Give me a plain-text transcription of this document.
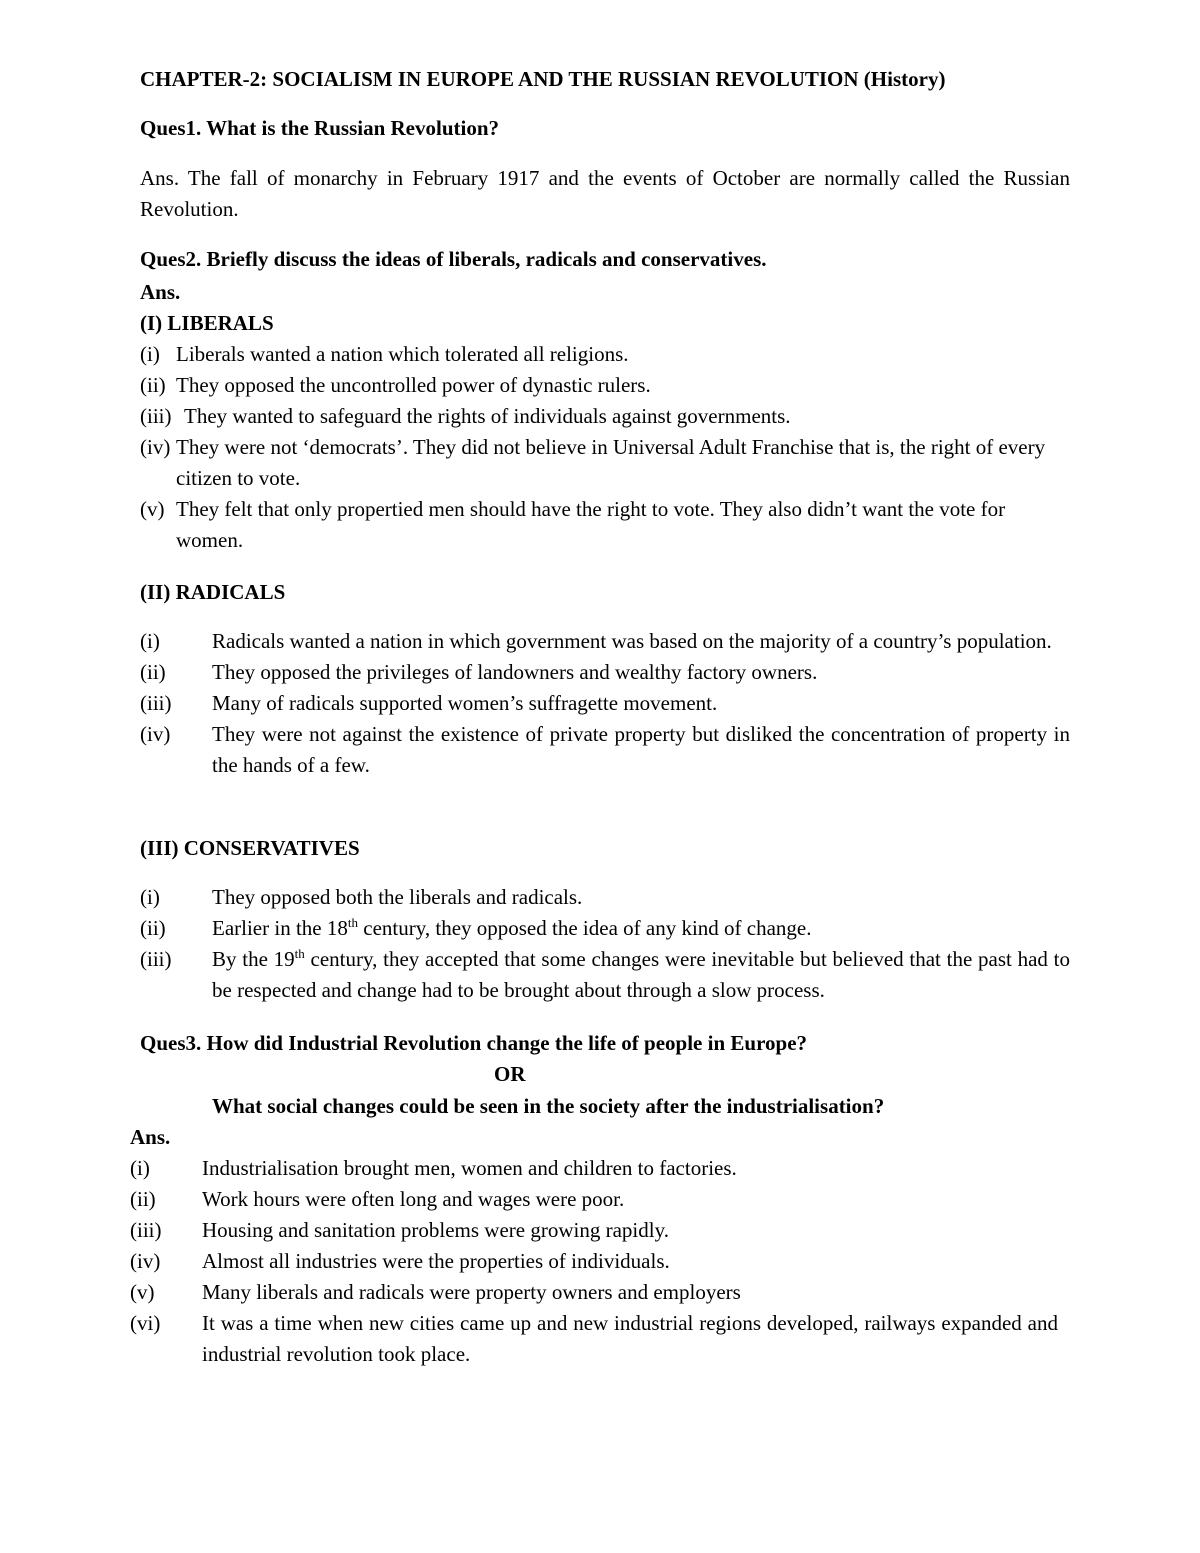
CHAPTER-2: SOCIALISM IN EUROPE AND THE RUSSIAN REVOLUTION (History)
Ques1. What is the Russian Revolution?
Ans. The fall of monarchy in February 1917 and the events of October are normally called the Russian Revolution.
Ques2. Briefly discuss the ideas of liberals, radicals and conservatives.
Ans.
(I) LIBERALS
(i) Liberals wanted a nation which tolerated all religions.
(ii) They opposed the uncontrolled power of dynastic rulers.
(iii) They wanted to safeguard the rights of individuals against governments.
(iv) They were not ‘democrats’. They did not believe in Universal Adult Franchise that is, the right of every citizen to vote.
(v) They felt that only propertied men should have the right to vote. They also didn’t want the vote for women.
(II) RADICALS
(i)	Radicals wanted a nation in which government was based on the majority of a country’s population.
(ii)	They opposed the privileges of landowners and wealthy factory owners.
(iii)	Many of radicals supported women’s suffragette movement.
(iv)	They were not against the existence of private property but disliked the concentration of property in the hands of a few.
(III) CONSERVATIVES
(i)	They opposed both the liberals and radicals.
(ii)	Earlier in the 18th century, they opposed the idea of any kind of change.
(iii)	By the 19th century, they accepted that some changes were inevitable but believed that the past had to be respected and change had to be brought about through a slow process.
Ques3. How did Industrial Revolution change the life of people in Europe?
OR
What social changes could be seen in the society after the industrialisation?
Ans.
(i)	Industrialisation brought men, women and children to factories.
(ii)	Work hours were often long and wages were poor.
(iii)	Housing and sanitation problems were growing rapidly.
(iv)	Almost all industries were the properties of individuals.
(v)	Many liberals and radicals were property owners and employers
(vi)	It was a time when new cities came up and new industrial regions developed, railways expanded and industrial revolution took place.
